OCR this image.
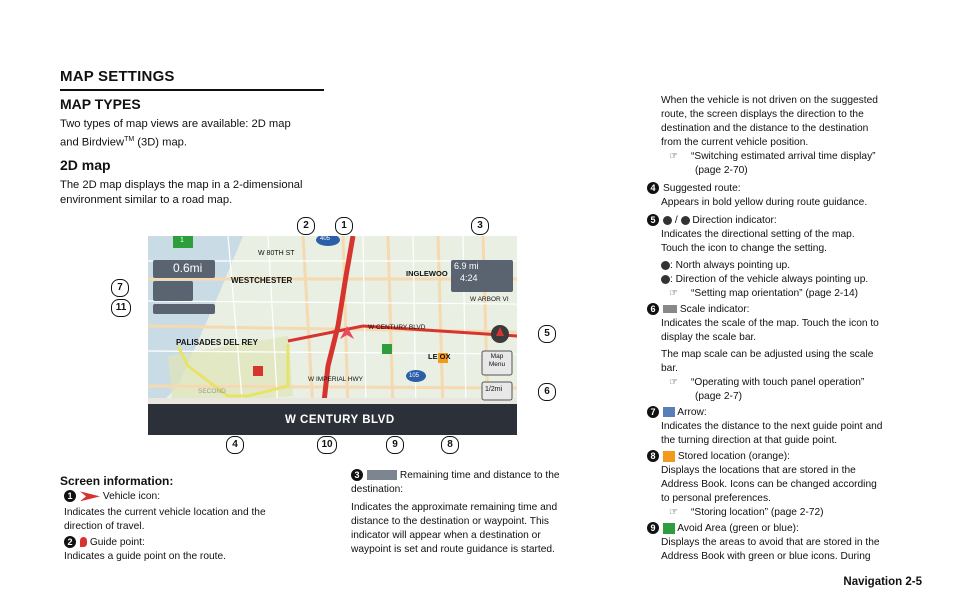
MAP SETTINGS
MAP TYPES
Two types of map views are available: 2D map
and Birdview™ (3D) map.
2D map
The 2D map displays the map in a 2-dimensional
environment similar to a road map.
W CENTURY BLVD
0.6mi
WESTCHESTER
INGLEWOO
PALISADES DEL REY
LE OX
W 80TH ST
W CENTURY BLVD
W IMPERIAL HWY
W ARBOR VI
SECOND
6.9 mi
4:24
Map
Menu
1/2mi
405
105
1
1
2	3
4
5
6
7
8
9
10
11
Screen information:
1	Vehicle icon:
Indicates the current vehicle location and the
direction of travel.
2 Guide point:
Indicates a guide point on the route.
3	Remaining time and distance to the
destination:
Indicates the approximate remaining time and
distance to the destination or waypoint. This
indicator will appear when a destination or
waypoint is set and route guidance is started.
When the vehicle is not driven on the suggested
route, the screen displays the direction to the
destination and the distance to the destination
from the current vehicle position.
☞	“Switching estimated arrival time display”
(page 2-70)
4 Suggested route:
Appears in bold yellow during route guidance.
5 /  Direction indicator:
Indicates the directional setting of the map.
Touch the icon to change the setting.
: North always pointing up.
: Direction of the vehicle always pointing up.
☞	“Setting map orientation” (page 2-14)
6 Scale indicator:
Indicates the scale of the map. Touch the icon to
display the scale bar.
The map scale can be adjusted using the scale
bar.
☞	“Operating with touch panel operation”
(page 2-7)
7 Arrow:
Indicates the distance to the next guide point and
the turning direction at that guide point.
8 Stored location (orange):
Displays the locations that are stored in the
Address Book. Icons can be changed according
to personal preferences.
☞	“Storing location” (page 2-72)
9 Avoid Area (green or blue):
Displays the areas to avoid that are stored in the
Address Book with green or blue icons. During
Navigation 2-5
